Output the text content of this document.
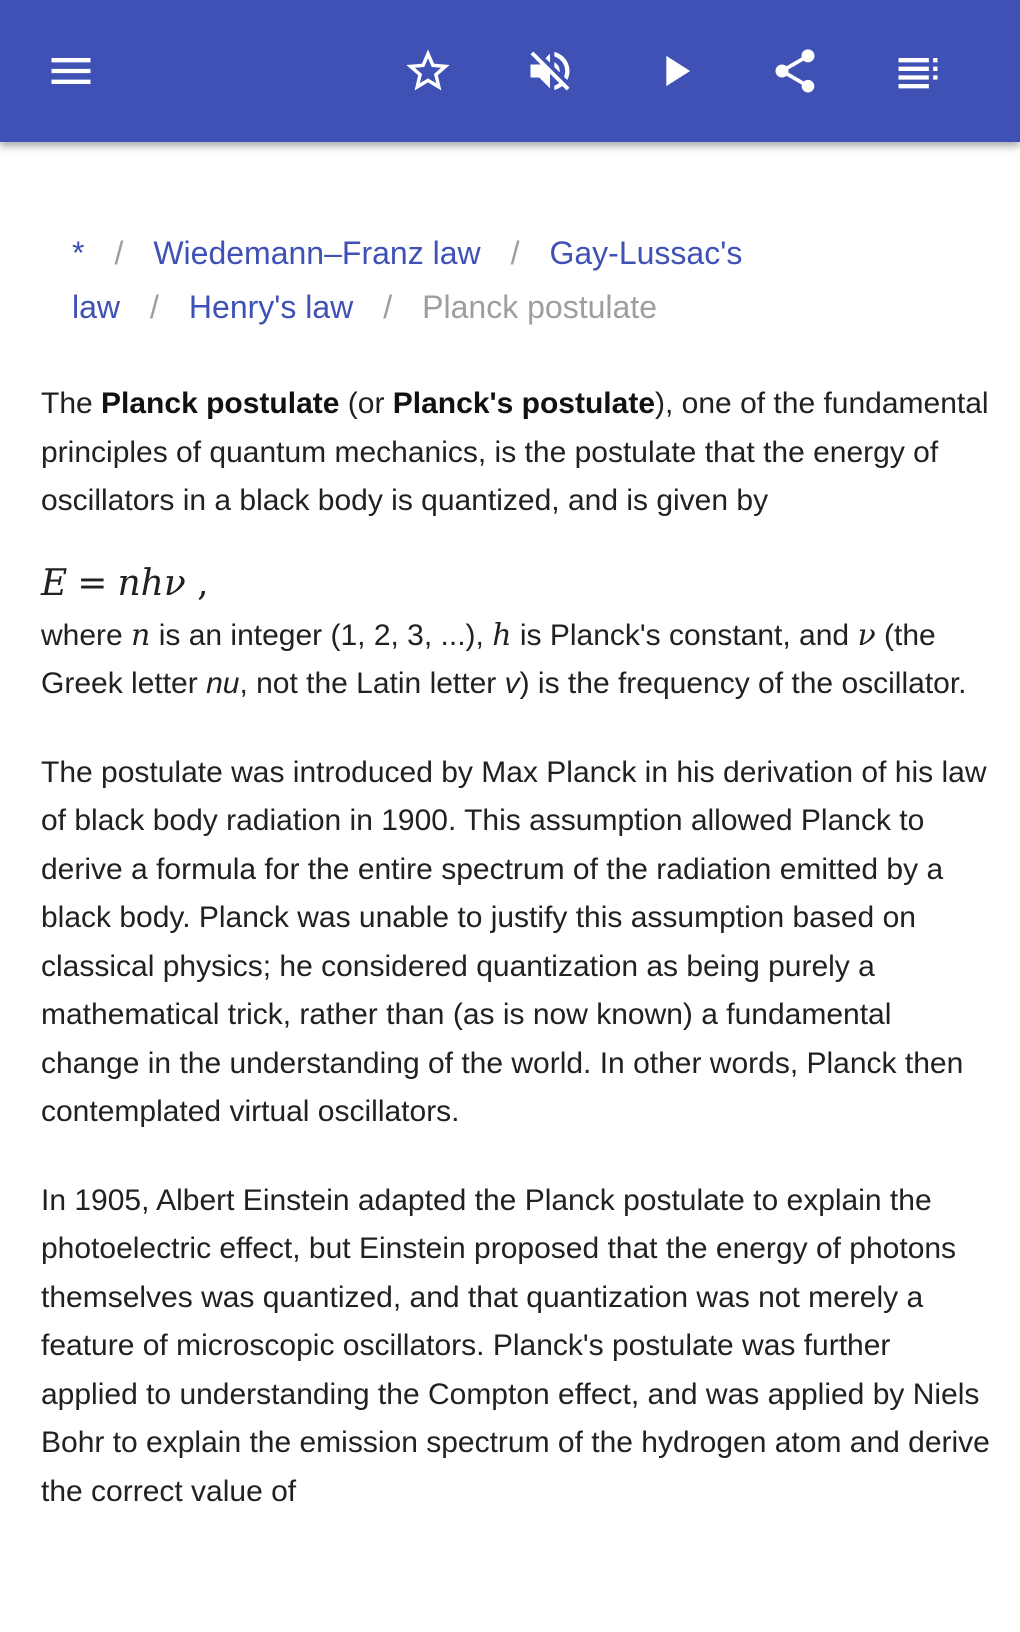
* / Wiedemann–Franz law / Gay-Lussac's law / Henry's law / Planck postulate

The Planck postulate (or Planck's postulate), one of the fundamental principles of quantum mechanics, is the postulate that the energy of oscillators in a black body is quantized, and is given by

E = nhν ,

where n is an integer (1, 2, 3, ...), h is Planck's constant, and ν (the Greek letter nu, not the Latin letter v) is the frequency of the oscillator.

The postulate was introduced by Max Planck in his derivation of his law of black body radiation in 1900. This assumption allowed Planck to derive a formula for the entire spectrum of the radiation emitted by a black body. Planck was unable to justify this assumption based on classical physics; he considered quantization as being purely a mathematical trick, rather than (as is now known) a fundamental change in the understanding of the world. In other words, Planck then contemplated virtual oscillators.

In 1905, Albert Einstein adapted the Planck postulate to explain the photoelectric effect, but Einstein proposed that the energy of photons themselves was quantized, and that quantization was not merely a feature of microscopic oscillators. Planck's postulate was further applied to understanding the Compton effect, and was applied by Niels Bohr to explain the emission spectrum of the hydrogen atom and derive the correct value of
